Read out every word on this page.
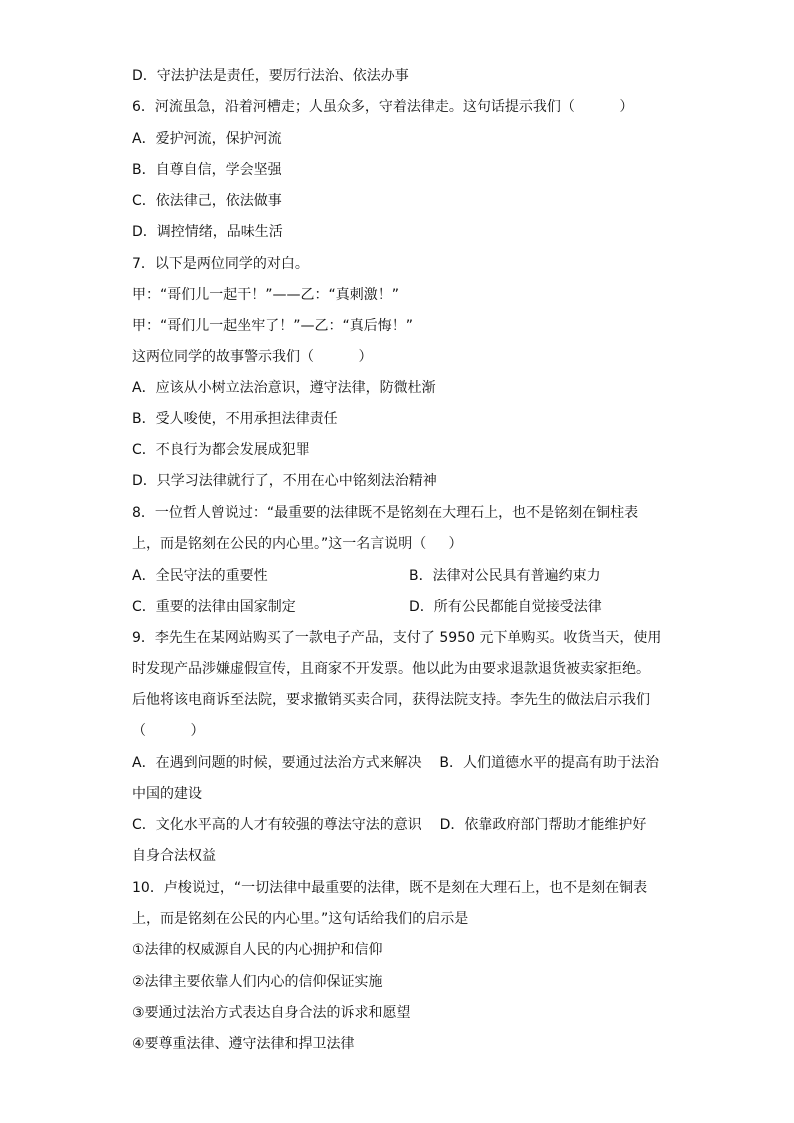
D．守法护法是责任，要厉行法治、依法办事
6．河流虽急，沿着河槽走；人虽众多，守着法律走。这句话提示我们（          ）
A．爱护河流，保护河流
B．自尊自信，学会坚强
C．依法律己，依法做事
D．调控情绪，品味生活
7．以下是两位同学的对白。
甲：“哥们儿一起干！”——乙：“真刺激！”
甲：“哥们儿一起坐牢了！”—乙：“真后悔！”
这两位同学的故事警示我们（          ）
A．应该从小树立法治意识，遵守法律，防微杜渐
B．受人唆使，不用承担法律责任
C．不良行为都会发展成犯罪
D．只学习法律就行了，不用在心中铭刻法治精神
8．一位哲人曾说过：“最重要的法律既不是铭刻在大理石上，也不是铭刻在铜柱表
上，而是铭刻在公民的内心里。”这一名言说明（     ）
A．全民守法的重要性	B．法律对公民具有普遍约束力
C．重要的法律由国家制定	D．所有公民都能自觉接受法律
9．李先生在某网站购买了一款电子产品，支付了 5950 元下单购买。收货当天，使用
时发现产品涉嫌虚假宣传，且商家不开发票。他以此为由要求退款退货被卖家拒绝。
后他将该电商诉至法院，要求撤销买卖合同，获得法院支持。李先生的做法启示我们
（          ）
A．在遇到问题的时候，要通过法治方式来解决    B．人们道德水平的提高有助于法治
中国的建设
C．文化水平高的人才有较强的尊法守法的意识    D．依靠政府部门帮助才能维护好
自身合法权益
10．卢梭说过，“一切法律中最重要的法律，既不是刻在大理石上，也不是刻在铜表
上，而是铭刻在公民的内心里。”这句话给我们的启示是
①法律的权威源自人民的内心拥护和信仰
②法律主要依靠人们内心的信仰保证实施
③要通过法治方式表达自身合法的诉求和愿望
④要尊重法律、遵守法律和捍卫法律
